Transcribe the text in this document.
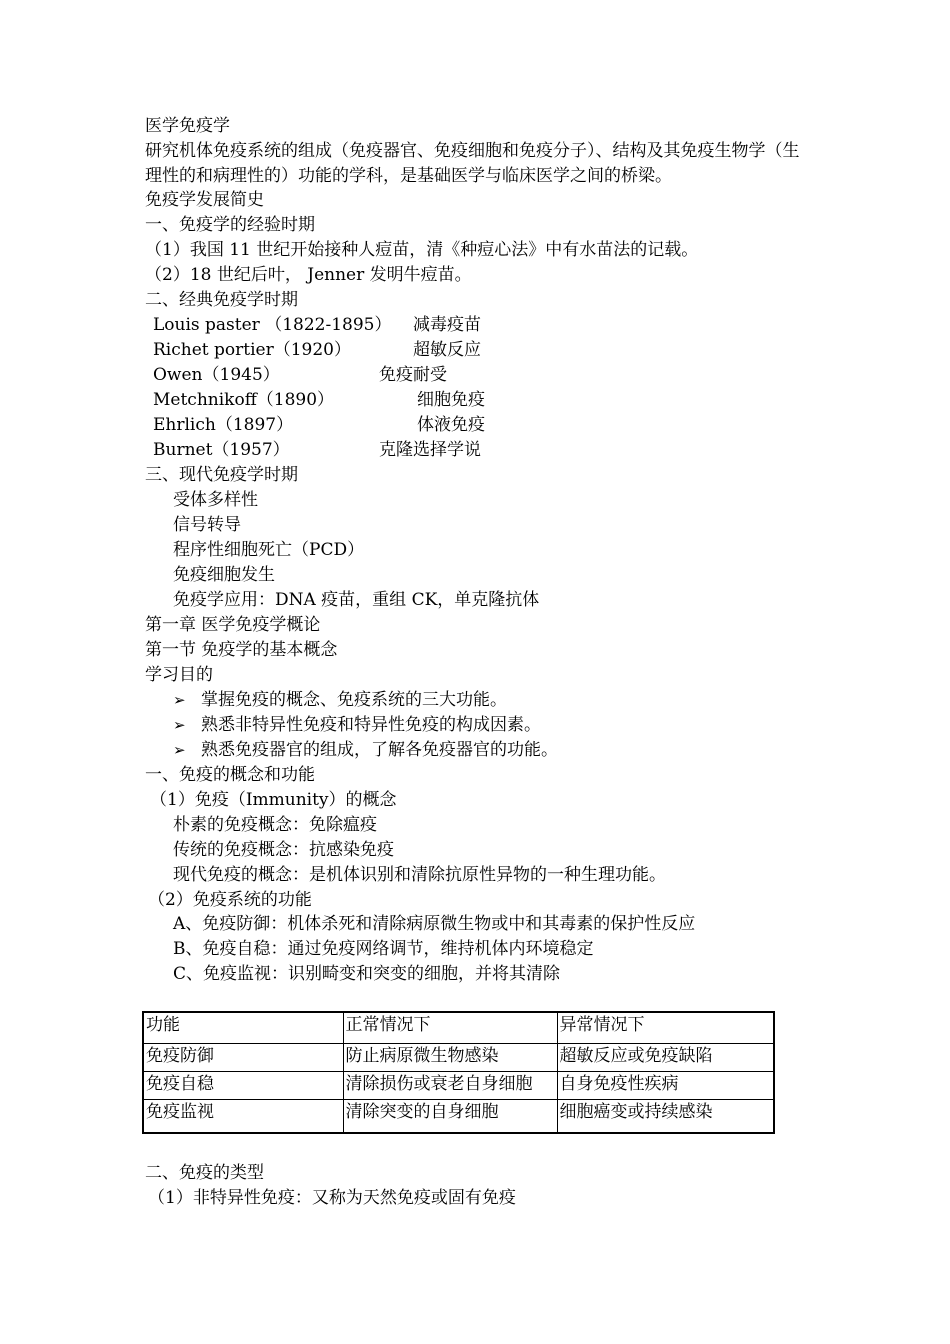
医学免疫学
研究机体免疫系统的组成（免疫器官、免疫细胞和免疫分子）、结构及其免疫生物学（生理性的和病理性的）功能的学科，是基础医学与临床医学之间的桥梁。
免疫学发展简史
一、免疫学的经验时期
（1）我国 11 世纪开始接种人痘苗，清《种痘心法》中有水苗法的记载。
（2）18 世纪后叶， Jenner 发明牛痘苗。
二、经典免疫学时期
Louis paster （1822-1895） 减毒疫苗
Richet portier（1920）	超敏反应
Owen（1945）	免疫耐受
Metchnikoff（1890）	细胞免疫
Ehrlich（1897）	体液免疫
Burnet（1957）	克隆选择学说
三、现代免疫学时期
受体多样性
信号转导
程序性细胞死亡（PCD）
免疫细胞发生
免疫学应用：DNA 疫苗，重组 CK，单克隆抗体
第一章 医学免疫学概论
第一节 免疫学的基本概念
学习目的
➢ 掌握免疫的概念、免疫系统的三大功能。
➢ 熟悉非特异性免疫和特异性免疫的构成因素。
➢ 熟悉免疫器官的组成，了解各免疫器官的功能。
一、免疫的概念和功能
（1）免疫（Immunity）的概念
朴素的免疫概念：免除瘟疫
传统的免疫概念：抗感染免疫
现代免疫的概念：是机体识别和清除抗原性异物的一种生理功能。
（2）免疫系统的功能
A、免疫防御：机体杀死和清除病原微生物或中和其毒素的保护性反应
B、免疫自稳：通过免疫网络调节，维持机体内环境稳定
C、免疫监视：识别畸变和突变的细胞，并将其清除
功能	正常情况下	异常情况下
免疫防御	防止病原微生物感染	超敏反应或免疫缺陷
免疫自稳	清除损伤或衰老自身细胞	自身免疫性疾病
免疫监视	清除突变的自身细胞	细胞癌变或持续感染
二、免疫的类型
（1）非特异性免疫：又称为天然免疫或固有免疫
